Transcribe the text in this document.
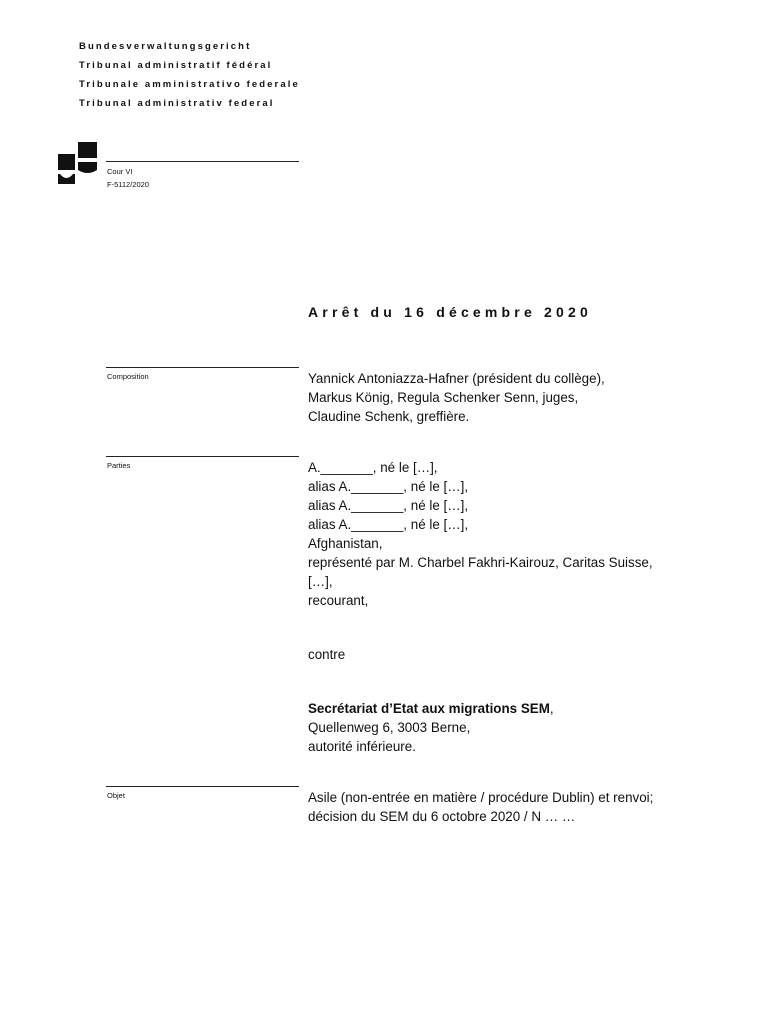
Bundesverwaltungsgericht
Tribunal administratif fédéral
Tribunale amministrativo federale
Tribunal administrativ federal
Cour VI
F-5112/2020
Arrêt du 16 décembre 2020
Composition	Yannick Antoniazza-Hafner (président du collège),
Markus König, Regula Schenker Senn, juges,
Claudine Schenk, greffière.
Parties	A._______, né le […],
alias A._______, né le […],
alias A._______, né le […],
alias A._______, né le […],
Afghanistan,
représenté par M. Charbel Fakhri-Kairouz, Caritas Suisse,
[…],
recourant,
contre
Secrétariat d’Etat aux migrations SEM,
Quellenweg 6, 3003 Berne,
autorité inférieure.
Objet	Asile (non-entrée en matière / procédure Dublin) et renvoi;
décision du SEM du 6 octobre 2020 / N … …
